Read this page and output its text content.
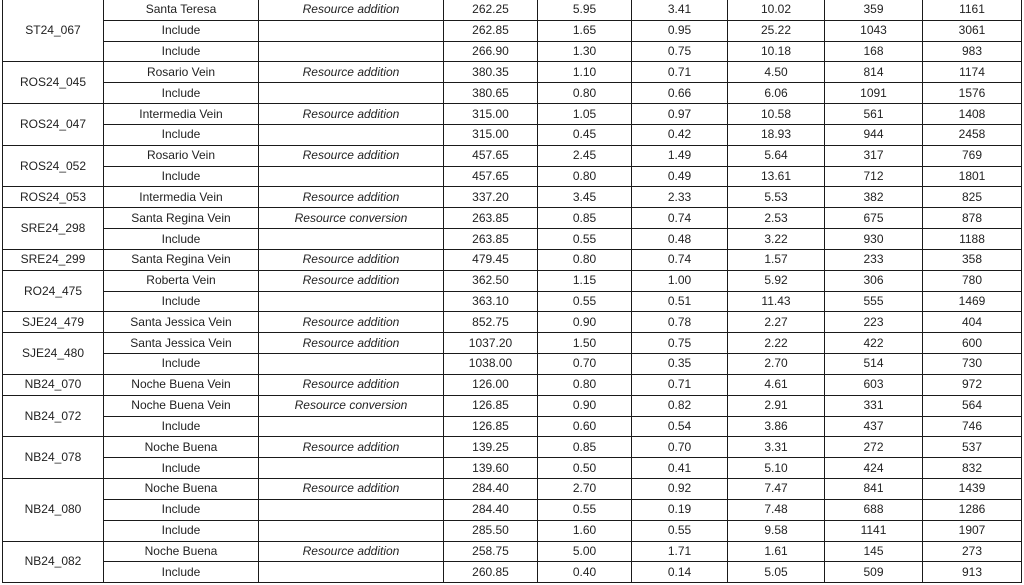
ST24_067	Santa Teresa	Resource addition	262.25	5.95	3.41	10.02	359	1161
	Include		262.85	1.65	0.95	25.22	1043	3061
	Include		266.90	1.30	0.75	10.18	168	983
ROS24_045	Rosario Vein	Resource addition	380.35	1.10	0.71	4.50	814	1174
	Include		380.65	0.80	0.66	6.06	1091	1576
ROS24_047	Intermedia Vein	Resource addition	315.00	1.05	0.97	10.58	561	1408
	Include		315.00	0.45	0.42	18.93	944	2458
ROS24_052	Rosario Vein	Resource addition	457.65	2.45	1.49	5.64	317	769
	Include		457.65	0.80	0.49	13.61	712	1801
ROS24_053	Intermedia Vein	Resource addition	337.20	3.45	2.33	5.53	382	825
SRE24_298	Santa Regina Vein	Resource conversion	263.85	0.85	0.74	2.53	675	878
	Include		263.85	0.55	0.48	3.22	930	1188
SRE24_299	Santa Regina Vein	Resource addition	479.45	0.80	0.74	1.57	233	358
RO24_475	Roberta Vein	Resource addition	362.50	1.15	1.00	5.92	306	780
	Include		363.10	0.55	0.51	11.43	555	1469
SJE24_479	Santa Jessica Vein	Resource addition	852.75	0.90	0.78	2.27	223	404
SJE24_480	Santa Jessica Vein	Resource addition	1037.20	1.50	0.75	2.22	422	600
	Include		1038.00	0.70	0.35	2.70	514	730
NB24_070	Noche Buena Vein	Resource addition	126.00	0.80	0.71	4.61	603	972
NB24_072	Noche Buena Vein	Resource conversion	126.85	0.90	0.82	2.91	331	564
	Include		126.85	0.60	0.54	3.86	437	746
NB24_078	Noche Buena	Resource addition	139.25	0.85	0.70	3.31	272	537
	Include		139.60	0.50	0.41	5.10	424	832
NB24_080	Noche Buena	Resource addition	284.40	2.70	0.92	7.47	841	1439
	Include		284.40	0.55	0.19	7.48	688	1286
	Include		285.50	1.60	0.55	9.58	1141	1907
NB24_082	Noche Buena	Resource addition	258.75	5.00	1.71	1.61	145	273
	Include		260.85	0.40	0.14	5.05	509	913
